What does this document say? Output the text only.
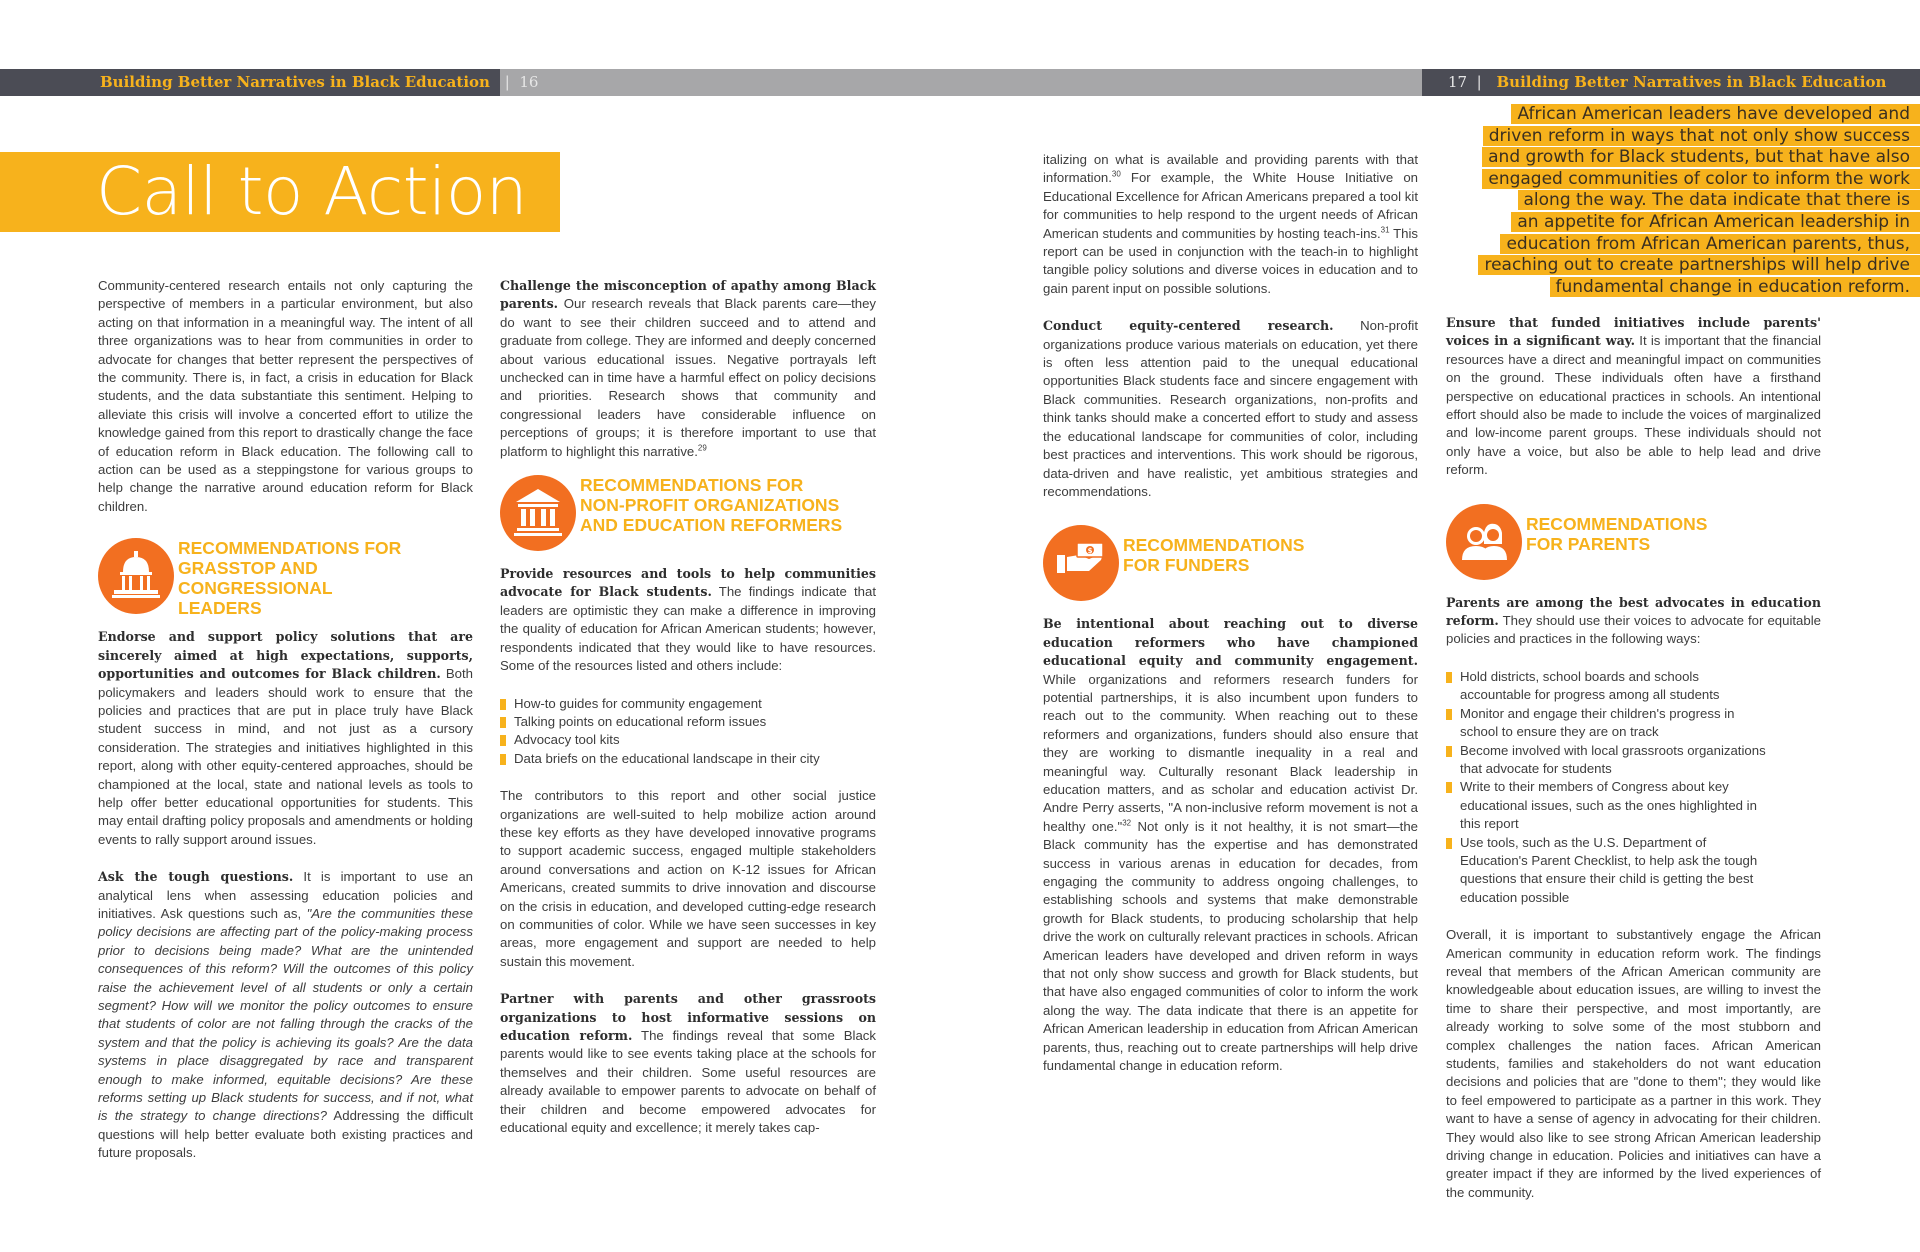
Building Better Narratives in Black Education | 16	17 | Building Better Narratives in Black Education
Call to Action

Community-centered research entails not only capturing the perspective of members in a particular environment, but also acting on that information in a meaningful way. The intent of all three organizations was to hear from communities in order to advocate for changes that better represent the perspectives of the community. There is, in fact, a crisis in education for Black students, and the data substantiate this sentiment. Helping to alleviate this crisis will involve a concerted effort to utilize the knowledge gained from this report to drastically change the face of education reform in Black education. The following call to action can be used as a steppingstone for various groups to help change the narrative around education reform for Black children.

RECOMMENDATIONS FOR
GRASSTOP AND CONGRESSIONAL
LEADERS

Endorse and support policy solutions that are sincerely aimed at high expectations, supports, opportunities and outcomes for Black children. Both policymakers and leaders should work to ensure that the policies and practices that are put in place truly have Black student success in mind, and not just as a cursory consideration. The strategies and initiatives highlighted in this report, along with other equity-centered approaches, should be championed at the local, state and national levels as tools to help offer better educational opportunities for students. This may entail drafting policy proposals and amendments or holding events to rally support around issues.

Ask the tough questions. It is important to use an analytical lens when assessing education policies and initiatives. Ask questions such as, "Are the communities these policy decisions are affecting part of the policy-making process prior to decisions being made? What are the unintended consequences of this reform? Will the outcomes of this policy raise the achievement level of all students or only a certain segment? How will we monitor the policy outcomes to ensure that students of color are not falling through the cracks of the system and that the policy is achieving its goals? Are the data systems in place disaggregated by race and transparent enough to make informed, equitable decisions? Are these reforms setting up Black students for success, and if not, what is the strategy to change directions? Addressing the difficult questions will help better evaluate both existing practices and future proposals.

Challenge the misconception of apathy among Black parents. Our research reveals that Black parents care—they do want to see their children succeed and to attend and graduate from college. They are informed and deeply concerned about various educational issues. Negative portrayals left unchecked can in time have a harmful effect on policy decisions and priorities. Research shows that community and congressional leaders have considerable influence on perceptions of groups; it is therefore important to use that platform to highlight this narrative.$^{29}$

RECOMMENDATIONS FOR
NON-PROFIT ORGANIZATIONS
AND EDUCATION REFORMERS

Provide resources and tools to help communities advocate for Black students. The findings indicate that leaders are optimistic they can make a difference in improving the quality of education for African American students; however, respondents indicated that they would like to have resources. Some of the resources listed and others include:

How-to guides for community engagement
Talking points on educational reform issues
Advocacy tool kits
Data briefs on the educational landscape in their city

The contributors to this report and other social justice organizations are well-suited to help mobilize action around these key efforts as they have developed innovative programs to support academic success, engaged multiple stakeholders around conversations and action on K-12 issues for African Americans, created summits to drive innovation and discourse on the crisis in education, and developed cutting-edge research on communities of color. While we have seen successes in key areas, more engagement and support are needed to help sustain this movement.

Partner with parents and other grassroots organizations to host informative sessions on education reform. The findings reveal that some Black parents would like to see events taking place at the schools for themselves and their children. Some useful resources are already available to empower parents to advocate on behalf of their children and become empowered advocates for educational equity and excellence; it merely takes cap-

italizing on what is available and providing parents with that information.$^{30}$ For example, the White House Initiative on Educational Excellence for African Americans prepared a tool kit for communities to help respond to the urgent needs of African American students and communities by hosting teach-ins.$^{31}$ This report can be used in conjunction with the teach-in to highlight tangible policy solutions and diverse voices in education and to gain parent input on possible solutions.

Conduct equity-centered research. Non-profit organizations produce various materials on education, yet there is often less attention paid to the unequal educational opportunities Black students face and sincere engagement with Black communities. Research organizations, non-profits and think tanks should make a concerted effort to study and assess the educational landscape for communities of color, including best practices and interventions. This work should be rigorous, data-driven and have realistic, yet ambitious strategies and recommendations.

$ RECOMMENDATIONS
FOR FUNDERS

Be intentional about reaching out to diverse education reformers who have championed educational equity and community engagement. While organizations and reformers research funders for potential partnerships, it is also incumbent upon funders to reach out to the community. When reaching out to these reformers and organizations, funders should also ensure that they are working to dismantle inequality in a real and meaningful way. Culturally resonant Black leadership in education matters, and as scholar and education activist Dr. Andre Perry asserts, "A non-inclusive reform movement is not a healthy one."$^{32}$ Not only is it not healthy, it is not smart—the Black community has the expertise and has demonstrated success in various arenas in education for decades, from engaging the community to address ongoing challenges, to establishing schools and systems that make demonstrable growth for Black students, to producing scholarship that help drive the work on culturally relevant practices in schools. African American leaders have developed and driven reform in ways that not only show success and growth for Black students, but that have also engaged communities of color to inform the work along the way. The data indicate that there is an appetite for African American leadership in education from African American parents, thus, reaching out to create partnerships will help drive fundamental change in education reform.

African American leaders have developed and
driven reform in ways that not only show success
and growth for Black students, but that have also
engaged communities of color to inform the work
along the way. The data indicate that there is
an appetite for African American leadership in
education from African American parents, thus,
reaching out to create partnerships will help drive
fundamental change in education reform.

Ensure that funded initiatives include parents' voices in a significant way. It is important that the financial resources have a direct and meaningful impact on communities on the ground. These individuals often have a firsthand perspective on educational practices in schools. An intentional effort should also be made to include the voices of marginalized and low-income parent groups. These individuals should not only have a voice, but also be able to help lead and drive reform.

RECOMMENDATIONS
FOR PARENTS

Parents are among the best advocates in education reform. They should use their voices to advocate for equitable policies and practices in the following ways:

Hold districts, school boards and schools accountable for progress among all students
Monitor and engage their children's progress in school to ensure they are on track
Become involved with local grassroots organizations that advocate for students
Write to their members of Congress about key educational issues, such as the ones highlighted in this report
Use tools, such as the U.S. Department of Education's Parent Checklist, to help ask the tough questions that ensure their child is getting the best education possible

Overall, it is important to substantively engage the African American community in education reform work. The findings reveal that members of the African American community are knowledgeable about education issues, are willing to invest the time to share their perspective, and most importantly, are already working to solve some of the most stubborn and complex challenges the nation faces. African American students, families and stakeholders do not want education decisions and policies that are "done to them"; they would like to feel empowered to participate as a partner in this work. They want to have a sense of agency in advocating for their children. They would also like to see strong African American leadership driving change in education. Policies and initiatives can have a greater impact if they are informed by the lived experiences of the community.
